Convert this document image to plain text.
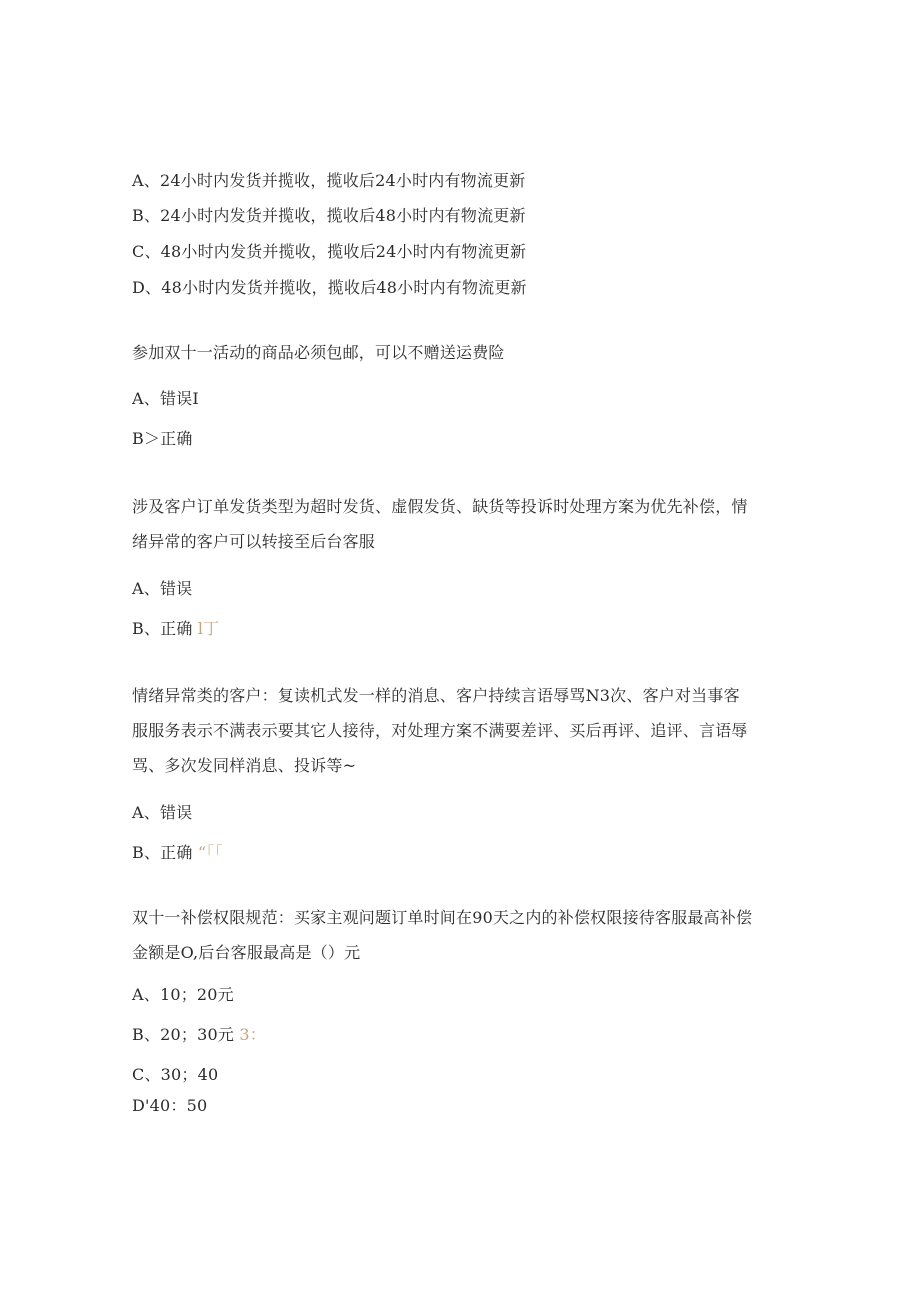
A、24小时内发货并揽收，揽收后24小时内有物流更新
B、24小时内发货并揽收，揽收后48小时内有物流更新
C、48小时内发货并揽收，揽收后24小时内有物流更新
D、48小时内发货并揽收，揽收后48小时内有物流更新
参加双十一活动的商品必须包邮，可以不赠送运费险
A、错误I
B＞正确
涉及客户订单发货类型为超时发货、虚假发货、缺货等投诉时处理方案为优先补偿，情
绪异常的客户可以转接至后台客服
A、错误
B、正确 l丁
情绪异常类的客户：复读机式发一样的消息、客户持续言语辱骂N3次、客户对当事客
服服务表示不满表示要其它人接待，对处理方案不满要差评、买后再评、追评、言语辱
骂、多次发同样消息、投诉等~
A、错误
B、正确 “「「
双十一补偿权限规范：买家主观问题订单时间在90天之内的补偿权限接待客服最高补偿
金额是O,后台客服最高是（）元
A、10；20元
B、20；30元 3：
C、30；40
D'40：50
